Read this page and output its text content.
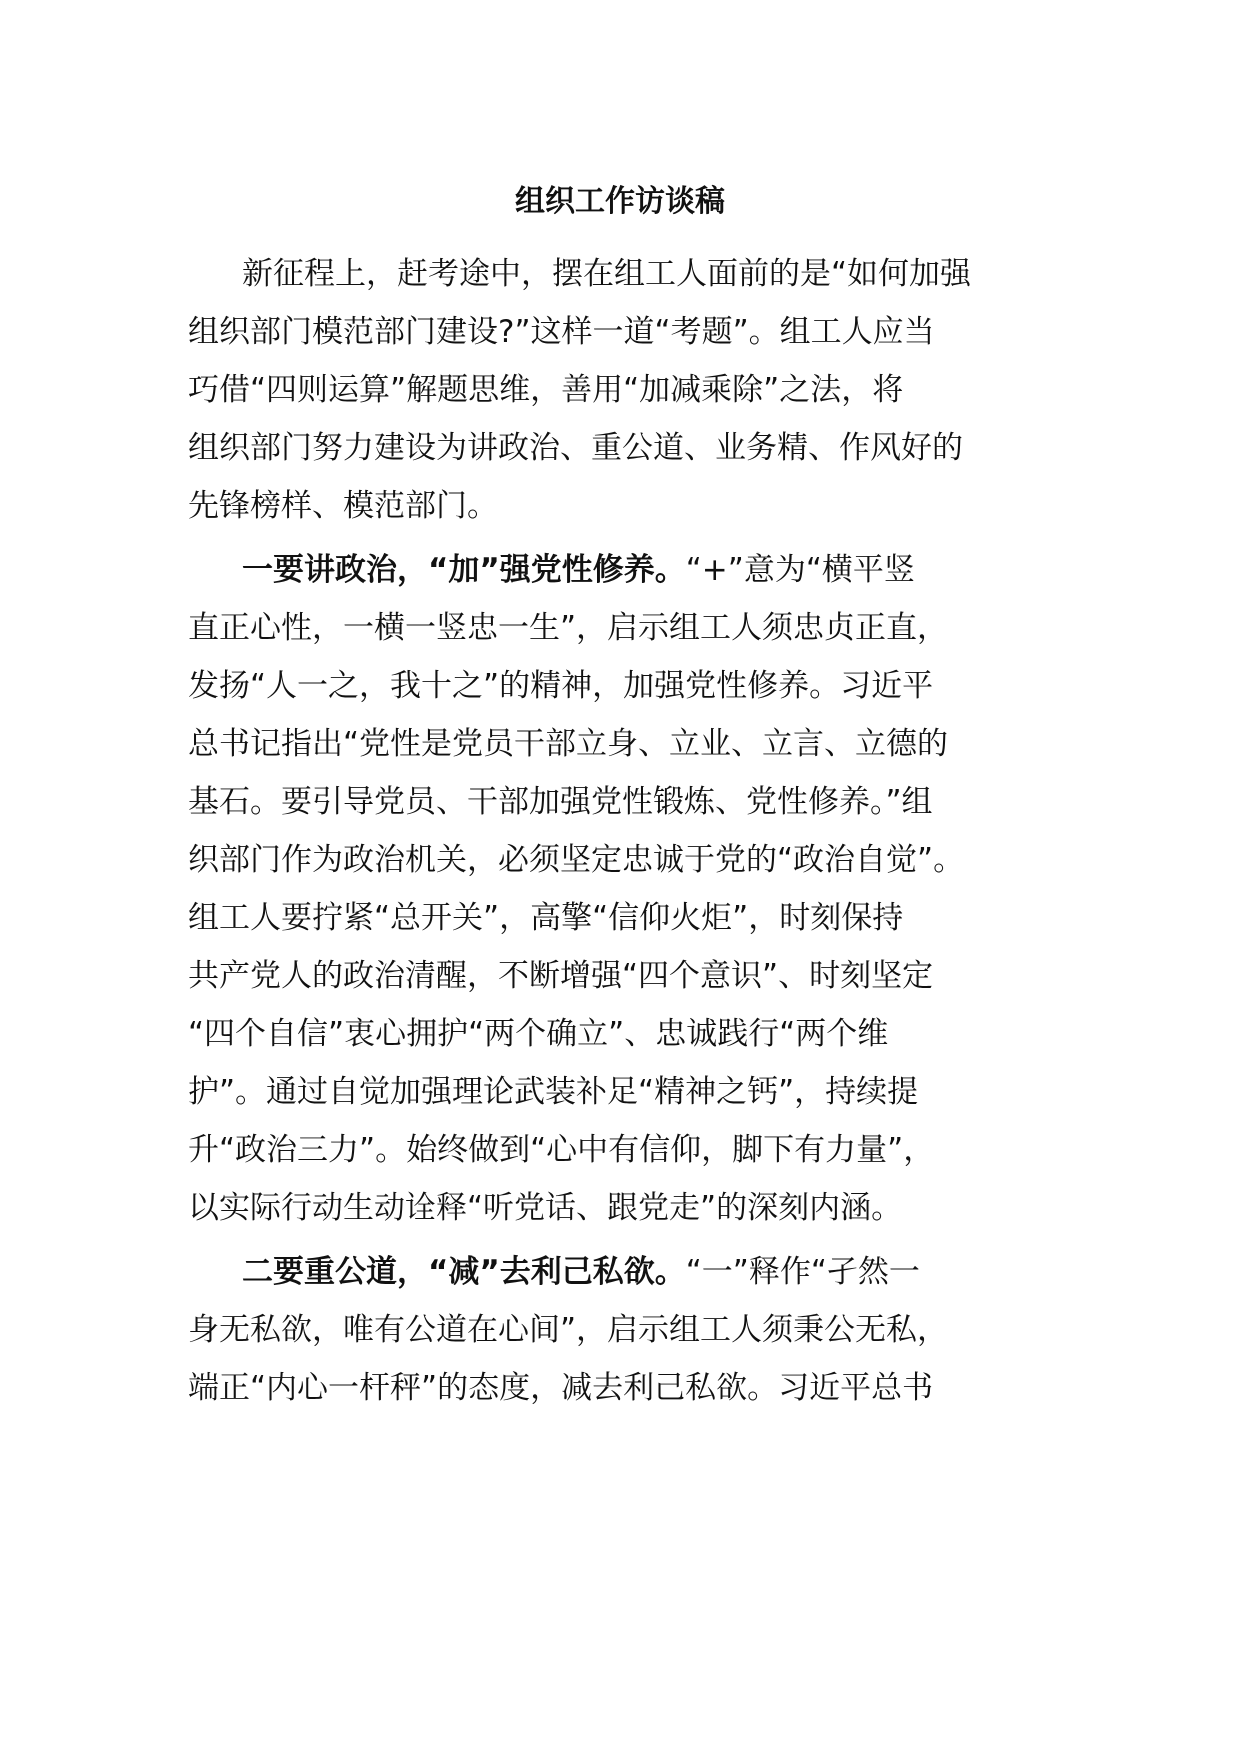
组织工作访谈稿
新征程上，赶考途中，摆在组工人面前的是“如何加强
组织部门模范部门建设?”这样一道“考题”。组工人应当
巧借“四则运算”解题思维，善用“加减乘除”之法，将
组织部门努力建设为讲政治、重公道、业务精、作风好的
先锋榜样、模范部门。
一要讲政治，“加”强党性修养。“+”意为“横平竖
直正心性，一横一竖忠一生”，启示组工人须忠贞正直，
发扬“人一之，我十之”的精神，加强党性修养。习近平
总书记指出“党性是党员干部立身、立业、立言、立德的
基石。要引导党员、干部加强党性锻炼、党性修养。”组
织部门作为政治机关，必须坚定忠诚于党的“政治自觉”。
组工人要拧紧“总开关”，高擎“信仰火炬”，时刻保持
共产党人的政治清醒，不断增强“四个意识”、时刻坚定
“四个自信”衷心拥护“两个确立”、忠诚践行“两个维
护”。通过自觉加强理论武装补足“精神之钙”，持续提
升“政治三力”。始终做到“心中有信仰，脚下有力量”，
以实际行动生动诠释“听党话、跟党走”的深刻内涵。
二要重公道，“减”去利己私欲。“一”释作“孑然一
身无私欲，唯有公道在心间”，启示组工人须秉公无私，
端正“内心一杆秤”的态度，减去利己私欲。习近平总书
